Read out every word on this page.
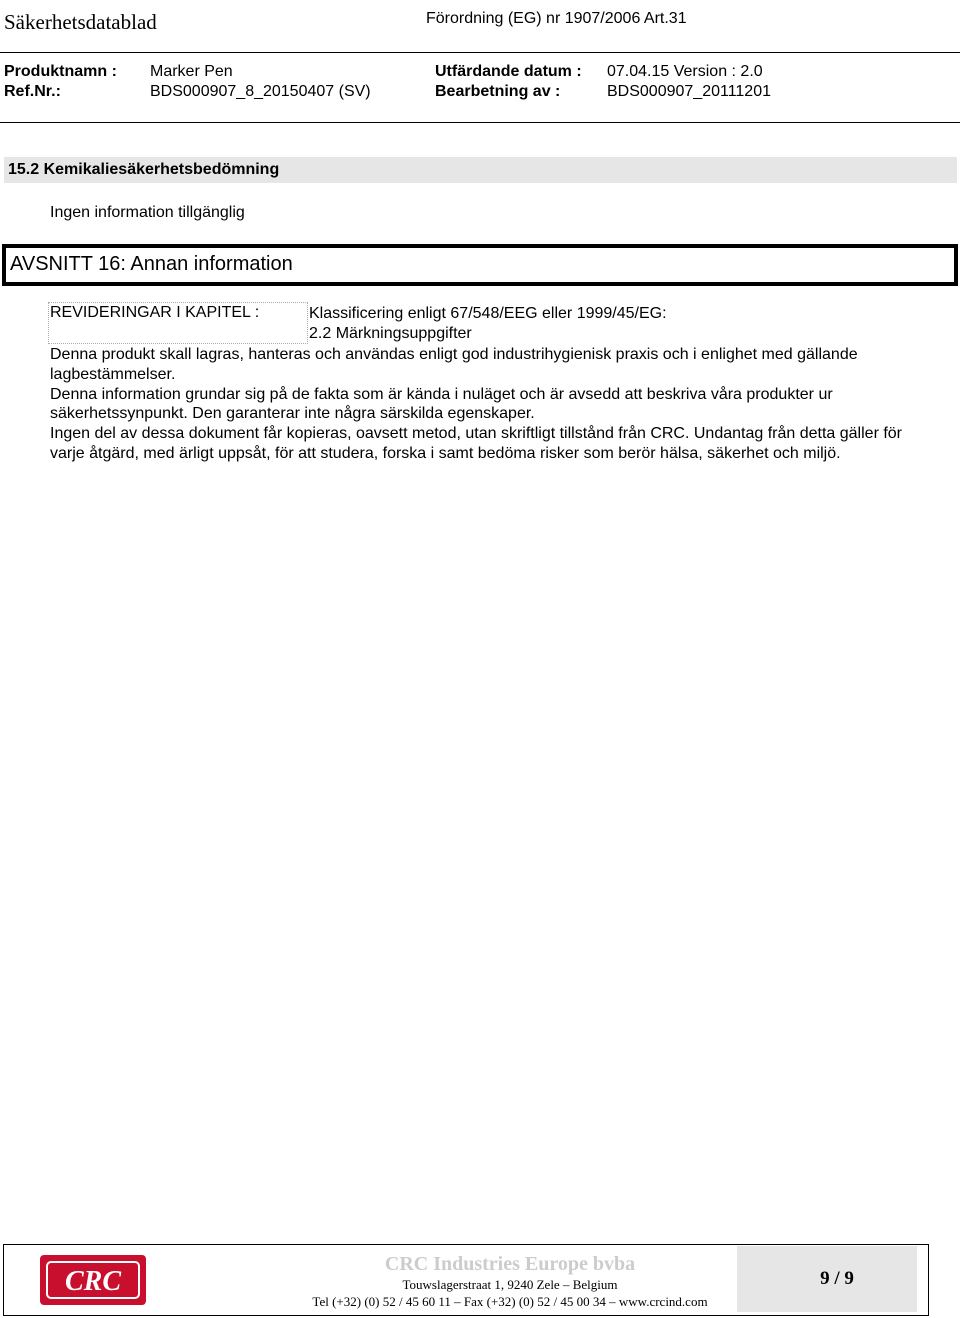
Säkerhetsdatablad	Förordning (EG) nr 1907/2006 Art.31
Produktnamn : Marker Pen	Utfärdande datum : 07.04.15 Version : 2.0
Ref.Nr.:	BDS000907_8_20150407 (SV)	Bearbetning av :	BDS000907_20111201
15.2 Kemikaliesäkerhetsbedömning
Ingen information tillgänglig
AVSNITT 16: Annan information
REVIDERINGAR I KAPITEL :	Klassificering enligt 67/548/EEG eller 1999/45/EG:
2.2 Märkningsuppgifter

Denna produkt skall lagras, hanteras och användas enligt god industrihygienisk praxis och i enlighet med gällande lagbestämmelser.

Denna information grundar sig på de fakta som är kända i nuläget och är avsedd att beskriva våra produkter ur säkerhetssynpunkt. Den garanterar inte några särskilda egenskaper.

Ingen del av dessa dokument får kopieras, oavsett metod, utan skriftligt tillstånd från CRC. Undantag från detta gäller för varje åtgärd, med ärligt uppsåt, för att studera, forska i samt bedöma risker som berör hälsa, säkerhet och miljö.

CRC
CRC Industries Europe bvba
Touwslagerstraat 1, 9240 Zele – Belgium
Tel (+32) (0) 52 / 45 60 11 – Fax (+32) (0) 52 / 45 00 34 – www.crcind.com
9 / 9
